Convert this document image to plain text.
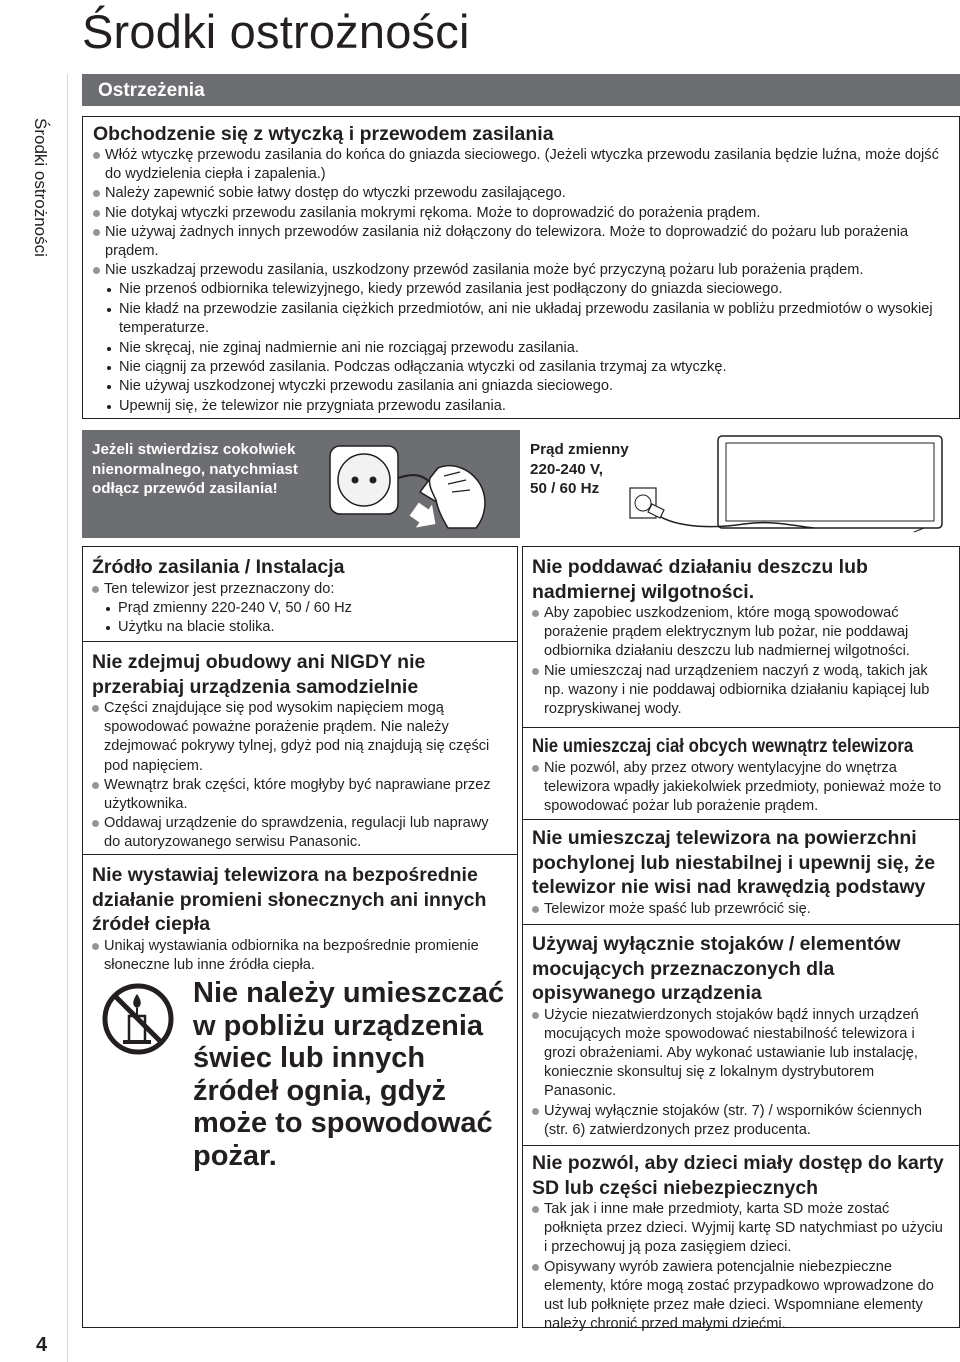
Środki ostrożności
Środki ostrożności
4
Ostrzeżenia
Obchodzenie się z wtyczką i przewodem zasilania
Włóż wtyczkę przewodu zasilania do końca do gniazda sieciowego. (Jeżeli wtyczka przewodu zasilania będzie luźna, może dojść do wydzielenia ciepła i zapalenia.)
Należy zapewnić sobie łatwy dostęp do wtyczki przewodu zasilającego.
Nie dotykaj wtyczki przewodu zasilania mokrymi rękoma. Może to doprowadzić do porażenia prądem.
Nie używaj żadnych innych przewodów zasilania niż dołączony do telewizora. Może to doprowadzić do pożaru lub porażenia prądem.
Nie uszkadzaj przewodu zasilania, uszkodzony przewód zasilania może być przyczyną pożaru lub porażenia prądem.
Nie przenoś odbiornika telewizyjnego, kiedy przewód zasilania jest podłączony do gniazda sieciowego.
Nie kładź na przewodzie zasilania ciężkich przedmiotów, ani nie układaj przewodu zasilania w pobliżu przedmiotów o wysokiej temperaturze.
Nie skręcaj, nie zginaj nadmiernie ani nie rozciągaj przewodu zasilania.
Nie ciągnij za przewód zasilania. Podczas odłączania wtyczki od zasilania trzymaj za wtyczkę.
Nie używaj uszkodzonej wtyczki przewodu zasilania ani gniazda sieciowego.
Upewnij się, że telewizor nie przygniata przewodu zasilania.
Jeżeli stwierdzisz cokolwiek nienormalnego, natychmiast odłącz przewód zasilania!
Prąd zmienny
220-240 V,
50 / 60 Hz
Źródło zasilania / Instalacja
Ten telewizor jest przeznaczony do:
Prąd zmienny 220-240 V, 50 / 60 Hz
Użytku na blacie stolika.
Nie zdejmuj obudowy ani NIGDY nie przerabiaj urządzenia samodzielnie
Części znajdujące się pod wysokim napięciem mogą spowodować poważne porażenie prądem. Nie należy zdejmować pokrywy tylnej, gdyż pod nią znajdują się części pod napięciem.
Wewnątrz brak części, które mogłyby być naprawiane przez użytkownika.
Oddawaj urządzenie do sprawdzenia, regulacji lub naprawy do autoryzowanego serwisu Panasonic.
Nie wystawiaj telewizora na bezpośrednie działanie promieni słonecznych ani innych źródeł ciepła
Unikaj wystawiania odbiornika na bezpośrednie promienie słoneczne lub inne źródła ciepła.
Nie należy umieszczać
w pobliżu urządzenia
świec lub innych
źródeł ognia, gdyż
może to spowodować
pożar.
Nie poddawać działaniu deszczu lub nadmiernej wilgotności.
Aby zapobiec uszkodzeniom, które mogą spowodować porażenie prądem elektrycznym lub pożar, nie poddawaj odbiornika działaniu deszczu lub nadmiernej wilgotności.
Nie umieszczaj nad urządzeniem naczyń z wodą, takich jak np. wazony i nie poddawaj odbiornika działaniu kapiącej lub rozpryskiwanej wody.
Nie umieszczaj ciał obcych wewnątrz telewizora
Nie pozwól, aby przez otwory wentylacyjne do wnętrza telewizora wpadły jakiekolwiek przedmioty, ponieważ może to spowodować pożar lub porażenie prądem.
Nie umieszczaj telewizora na powierzchni pochylonej lub niestabilnej i upewnij się, że telewizor nie wisi nad krawędzią podstawy
Telewizor może spaść lub przewrócić się.
Używaj wyłącznie stojaków / elementów mocujących przeznaczonych dla opisywanego urządzenia
Użycie niezatwierdzonych stojaków bądź innych urządzeń mocujących może spowodować niestabilność telewizora i grozi obrażeniami. Aby wykonać ustawianie lub instalację, koniecznie skonsultuj się z lokalnym dystrybutorem Panasonic.
Używaj wyłącznie stojaków (str. 7) / wsporników ściennych (str. 6) zatwierdzonych przez producenta.
Nie pozwól, aby dzieci miały dostęp do karty SD lub części niebezpiecznych
Tak jak i inne małe przedmioty, karta SD może zostać połknięta przez dzieci. Wyjmij kartę SD natychmiast po użyciu i przechowuj ją poza zasięgiem dzieci.
Opisywany wyrób zawiera potencjalnie niebezpieczne elementy, które mogą zostać przypadkowo wprowadzone do ust lub połknięte przez małe dzieci. Wspomniane elementy należy chronić przed małymi dziećmi.
